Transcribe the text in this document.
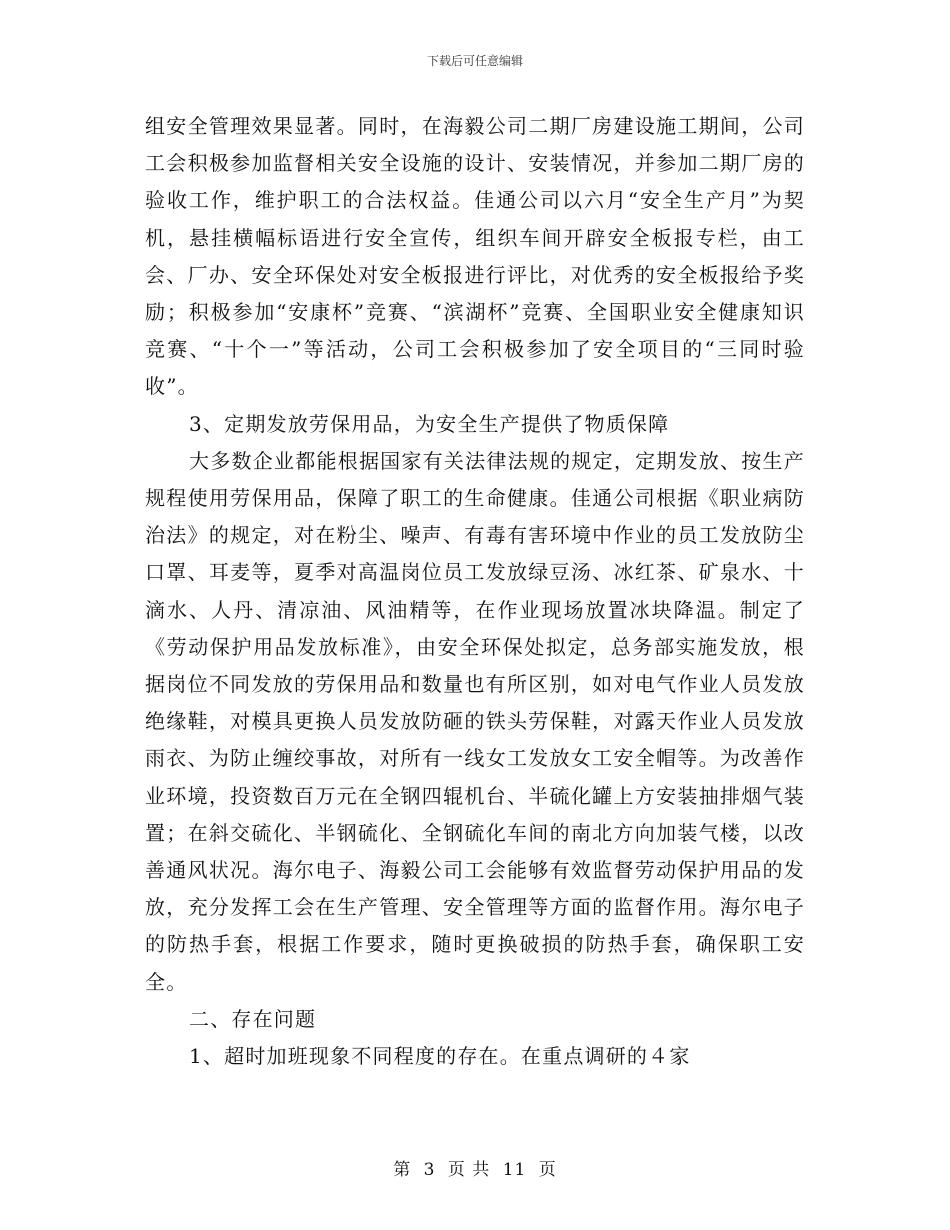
下载后可任意编辑

组安全管理效果显著。同时，在海毅公司二期厂房建设施工期间，公司工会积极参加监督相关安全设施的设计、安装情况，并参加二期厂房的验收工作，维护职工的合法权益。佳通公司以六月“安全生产月”为契机，悬挂横幅标语进行安全宣传，组织车间开辟安全板报专栏，由工会、厂办、安全环保处对安全板报进行评比，对优秀的安全板报给予奖励；积极参加“安康杯”竞赛、“滨湖杯”竞赛、全国职业安全健康知识竞赛、“十个一”等活动，公司工会积极参加了安全项目的“三同时验收”。

3、定期发放劳保用品，为安全生产提供了物质保障

大多数企业都能根据国家有关法律法规的规定，定期发放、按生产规程使用劳保用品，保障了职工的生命健康。佳通公司根据《职业病防治法》的规定，对在粉尘、噪声、有毒有害环境中作业的员工发放防尘口罩、耳麦等，夏季对高温岗位员工发放绿豆汤、冰红茶、矿泉水、十滴水、人丹、清凉油、风油精等，在作业现场放置冰块降温。制定了《劳动保护用品发放标准》，由安全环保处拟定，总务部实施发放，根据岗位不同发放的劳保用品和数量也有所区别，如对电气作业人员发放绝缘鞋，对模具更换人员发放防砸的铁头劳保鞋，对露天作业人员发放雨衣、为防止缠绞事故，对所有一线女工发放女工安全帽等。为改善作业环境，投资数百万元在全钢四辊机台、半硫化罐上方安装抽排烟气装置；在斜交硫化、半钢硫化、全钢硫化车间的南北方向加装气楼，以改善通风状况。海尔电子、海毅公司工会能够有效监督劳动保护用品的发放，充分发挥工会在生产管理、安全管理等方面的监督作用。海尔电子的防热手套，根据工作要求，随时更换破损的防热手套，确保职工安全。

二、存在问题

1、超时加班现象不同程度的存在。在重点调研的４家

第 3 页 共 11 页
